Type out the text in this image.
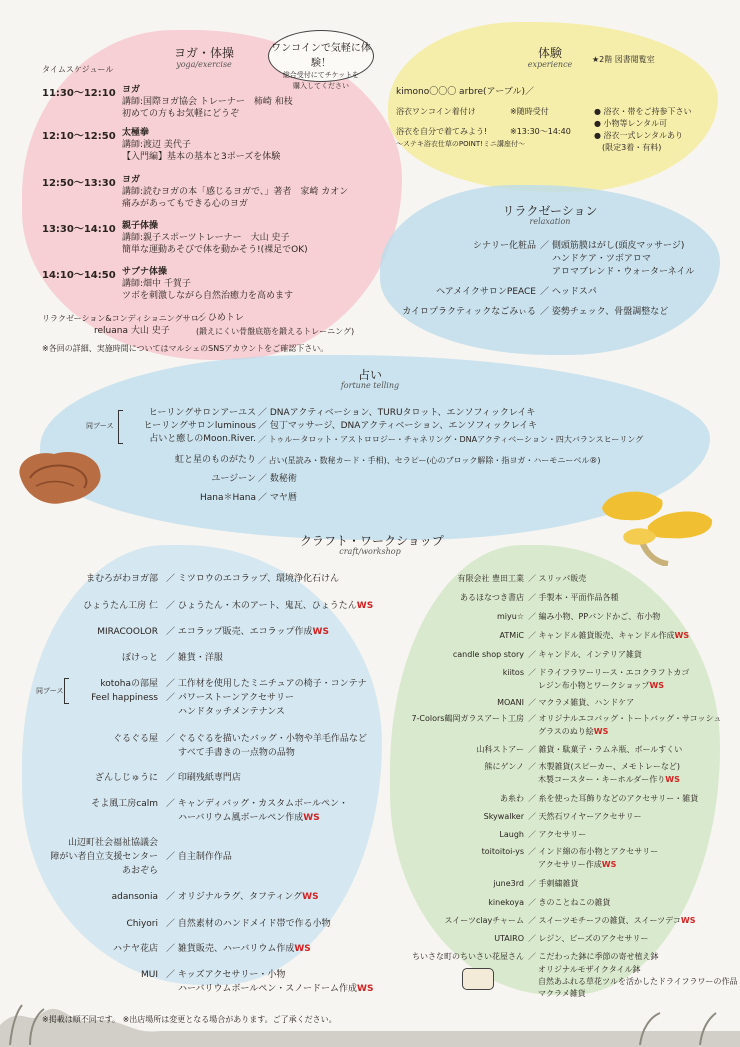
タイムスケジュール
ヨガ・体操
yoga/exercise
ワンコインで気軽に体験！
総合受付にてチケットを
購入してください
11:30～12:10 ヨガ
講師:国際ヨガ協会 トレーナー　柿崎 和枝
初めての方もお気軽にどうぞ
12:10～12:50 太極拳
講師:渡辺 美代子
【入門編】基本の基本と3ポーズを体験
12:50～13:30 ヨガ
講師:読むヨガの本「感じるヨガで、」著者　家崎 カオン
痛みがあってもできる心のヨガ
13:30～14:10 親子体操
講師:親子スポーツトレーナー　大山 史子
簡単な運動あそびで体を動かそう!(裸足でOK)
14:10～14:50 サブナ体操
講師:畑中 千賀子
ツボを刺激しながら自然治癒力を高めます
リラクゼーション&コンディショニングサロン
／ ひめトレ
reluana 大山 史子	(鍛えにくい骨盤底筋を鍛えるトレーニング)
※各回の詳細、実施時間についてはマルシェのSNSアカウントをご確認下さい。
体験
experience
★2階 図書閲覧室
kimono〇〇〇 arbre(アーブル)／
浴衣ワンコイン着付け	※随時受付
浴衣を自分で着てみよう!	※13:30～14:40
～ステキ浴衣仕草のPOINT!ミニ講座付～
● 浴衣・帯をご持参下さい
● 小物等レンタル可
● 浴衣一式レンタルあり
(限定3着・有料)
リラクゼーション
relaxation
シナリー化粧品 ／ 側頭筋膜はがし(頭皮マッサージ)
ハンドケア・ツボアロマ
アロマブレンド・ウォーターネイル
ヘアメイクサロンPEACE ／ ヘッドスパ
カイロプラクティックなごみぃる ／ 姿勢チェック、骨盤調整など
占い
fortune telling
同ブース
ヒーリングサロンアーユス ／ DNAアクティベーション、TURUタロット、エンソフィックレイキ
ヒーリングサロンluminous ／ 包丁マッサージ、DNAアクティベーション、エンソフィックレイキ
占いと癒しのMoon.River. ／ トゥルータロット・アストロロジー・チャネリング・DNAアクティベーション・四大バランスヒーリング
虹と星のものがたり ／ 占い(星読み・数秘カード・手相)、セラピー(心のブロック解除・指ヨガ・ハーモニーベル®)
ユージーン ／ 数秘術
Hana＊Hana ／ マヤ暦
クラフト・ワークショップ
craft/workshop
同ブース
※掲載は順不同です。 ※出店場所は変更となる場合があります。ご了承ください。
まむろがわヨガ部 ／ ミツロウのエコラップ、環境浄化石けん
ひょうたん工房 仁 ／ ひょうたん・木のアート、鬼瓦、ひょうたんWS
MIRACOOLOR ／ エコラップ販売、エコラップ作成WS
ぽけっと ／ 雑貨・洋服
kotohaの部屋 ／ 工作材を使用したミニチュアの椅子・コンテナ
Feel happiness ／ パワーストーンアクセサリー
ハンドタッチメンテナンス
ぐるぐる屋 ／ ぐるぐるを描いたバッグ・小物や羊毛作品など
すべて手書きの一点物の品物
ざんしじゅうに ／ 印刷残紙専門店
そよ風工房calm ／ キャンディバッグ・カスタムボールペン・
ハーバリウム風ボールペン作成WS
山辺町社会福祉協議会
障がい者自立支援センター ／ 自主制作作品
あおぞら
adansonia ／ オリジナルラグ、タフティングWS
Chiyori ／ 自然素材のハンドメイド帯で作る小物
ハナヤ花店 ／ 雑貨販売、ハーバリウム作成WS
MUI ／ キッズアクセサリー・小物
ハーバリウムボールペン・スノードーム作成WS
有限会社 豊田工業 ／ スリッパ販売
あるほなつき書店 ／ 手製本・平面作品各種
miyu☆ ／ 編み小物、PPバンドかご、布小物
ATMiC ／ キャンドル雑貨販売、キャンドル作成WS
candle shop story ／ キャンドル、インテリア雑貨
kiitos ／ ドライフラワーリース・エコクラフトカゴ
レジン布小物とワークショップWS
MOANI ／ マクラメ雑貨、ハンドケア
7-Colors鶴岡ガラスアート工房 ／ オリジナルエコバッグ・トートバッグ・サコッシュ
グラスのぬり絵WS
山科ストアー ／ 雑貨・駄菓子・ラムネ瓶、ボールすくい
熊にゲンノ ／ 木製雑貨(スピーカー、メモトレーなど)
木製コースター・キーホルダー作りWS
あ糸わ ／ 糸を使った耳飾りなどのアクセサリー・雑貨
Skywalker ／ 天然石ワイヤーアクセサリー
Laugh ／ アクセサリー
toitoitoi-ys ／ インド綿の布小物とアクセサリー
アクセサリー作成WS
june3rd ／ 手刺繍雑貨
kinekoya ／ きのことねこの雑貨
スイーツclayチャーム ／ スイーツモチーフの雑貨、スイーツデコWS
UTAIRO ／ レジン、ビーズのアクセサリー
ちいさな町のちいさい花屋さん ／ こだわった鉢に季節の寄せ植え鉢
オリジナルモザイクタイル鉢
自然あふれる草花ツルを活かしたドライフラワーの作品
マクラメ雑貨
